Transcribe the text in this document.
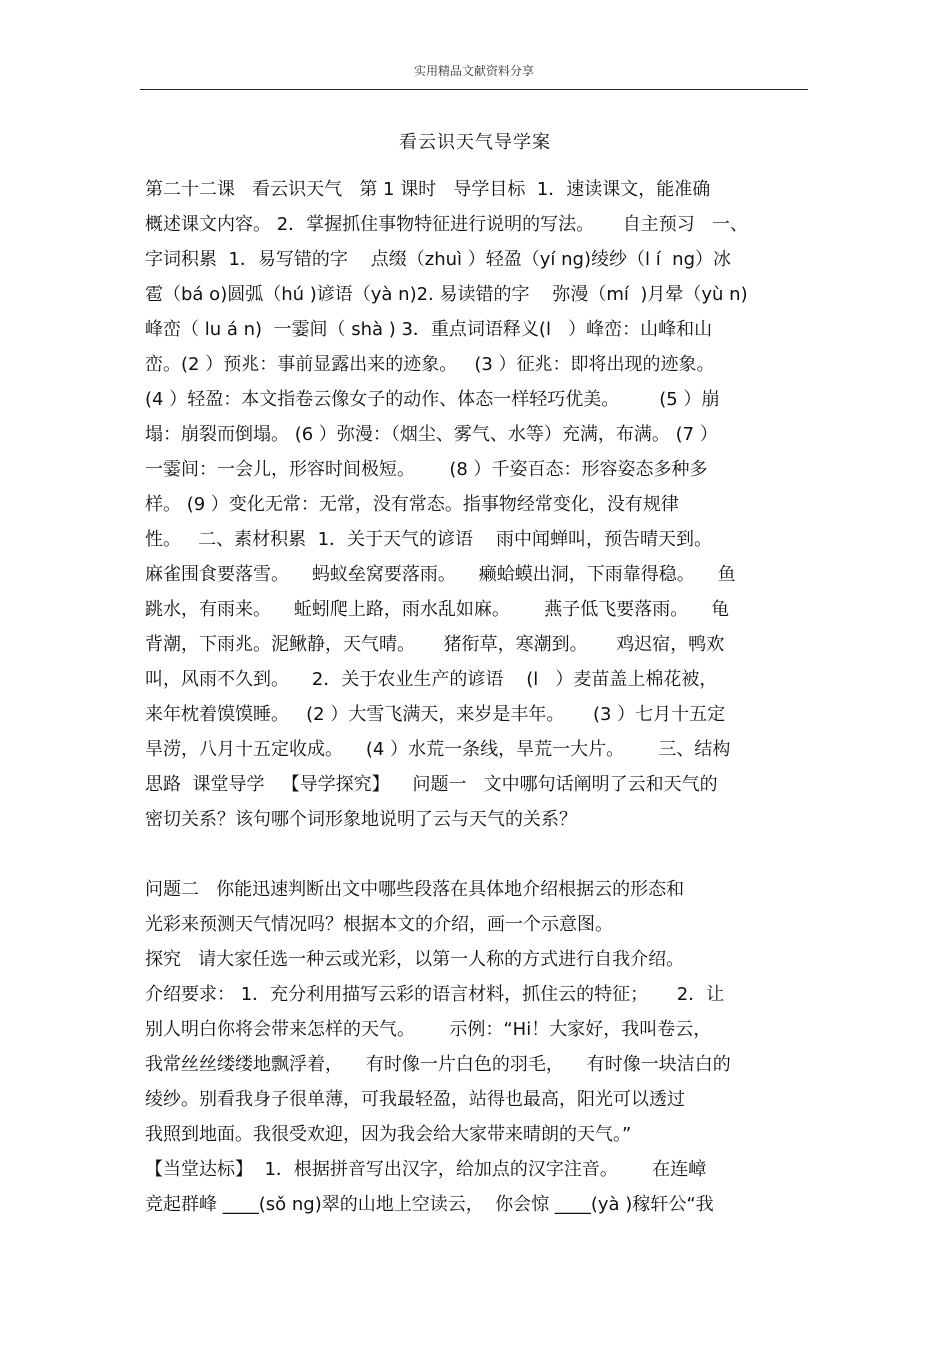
实用精品文献资料分享
看云识天气导学案
第二十二课   看云识天气   第 1 课时   导学目标  1．速读课文，能准确
概述课文内容。 2．掌握抓住事物特征进行说明的写法。     自主预习   一、
字词积累  1．易写错的字    点缀（zhuì ）轻盈（yí ng)绫纱（l í  ng）冰
雹（bá o)圆弧（hú )谚语（yà n)2. 易读错的字    弥漫（mí  )月晕（yù n)
峰峦（ lu á n)  一霎间（ shà ) 3．重点词语释义(l   ）峰峦：山峰和山
峦。(2 ）预兆：事前显露出来的迹象。   (3 ）征兆：即将出现的迹象。
(4 ）轻盈：本文指卷云像女子的动作、体态一样轻巧优美。       (5 ）崩
塌：崩裂而倒塌。 (6 ）弥漫：（烟尘、雾气、水等）充满，布满。 (7 ）
一霎间：一会儿，形容时间极短。      (8 ）千姿百态：形容姿态多种多
样。 (9 ）变化无常：无常，没有常态。指事物经常变化，没有规律
性。   二、素材积累  1．关于天气的谚语    雨中闻蝉叫，预告晴天到。
麻雀围食要落雪。    蚂蚁垒窝要落雨。    癞蛤蟆出洞，下雨靠得稳。    鱼
跳水，有雨来。    蚯蚓爬上路，雨水乱如麻。      燕子低飞要落雨。    龟
背潮，下雨兆。泥鳅静，天气晴。     猪衔草，寒潮到。     鸡迟宿，鸭欢
叫，风雨不久到。    2．关于农业生产的谚语    (l   ）麦苗盖上棉花被，
来年枕着馍馍睡。   (2 ）大雪飞满天，来岁是丰年。     (3 ）七月十五定
旱涝，八月十五定收成。    (4 ）水荒一条线，旱荒一大片。      三、结构
思路  课堂导学   【导学探究】    问题一   文中哪句话阐明了云和天气的
密切关系？该句哪个词形象地说明了云与天气的关系？
问题二   你能迅速判断出文中哪些段落在具体地介绍根据云的形态和
光彩来预测天气情况吗？根据本文的介绍，画一个示意图。
探究   请大家任选一种云或光彩，以第一人称的方式进行自我介绍。
介绍要求： 1．充分利用描写云彩的语言材料，抓住云的特征；     2．让
别人明白你将会带来怎样的天气。      示例：“Hi！大家好，我叫卷云，
我常丝丝缕缕地飘浮着，    有时像一片白色的羽毛，    有时像一块洁白的
绫纱。别看我身子很单薄，可我最轻盈，站得也最高，阳光可以透过
我照到地面。我很受欢迎，因为我会给大家带来晴朗的天气。”
【当堂达标】  1．根据拼音写出汉字，给加点的汉字注音。      在连嶂
竞起群峰 ____(sǒ ng)翠的山地上空读云，  你会惊 ____(yà )稼轩公“我
